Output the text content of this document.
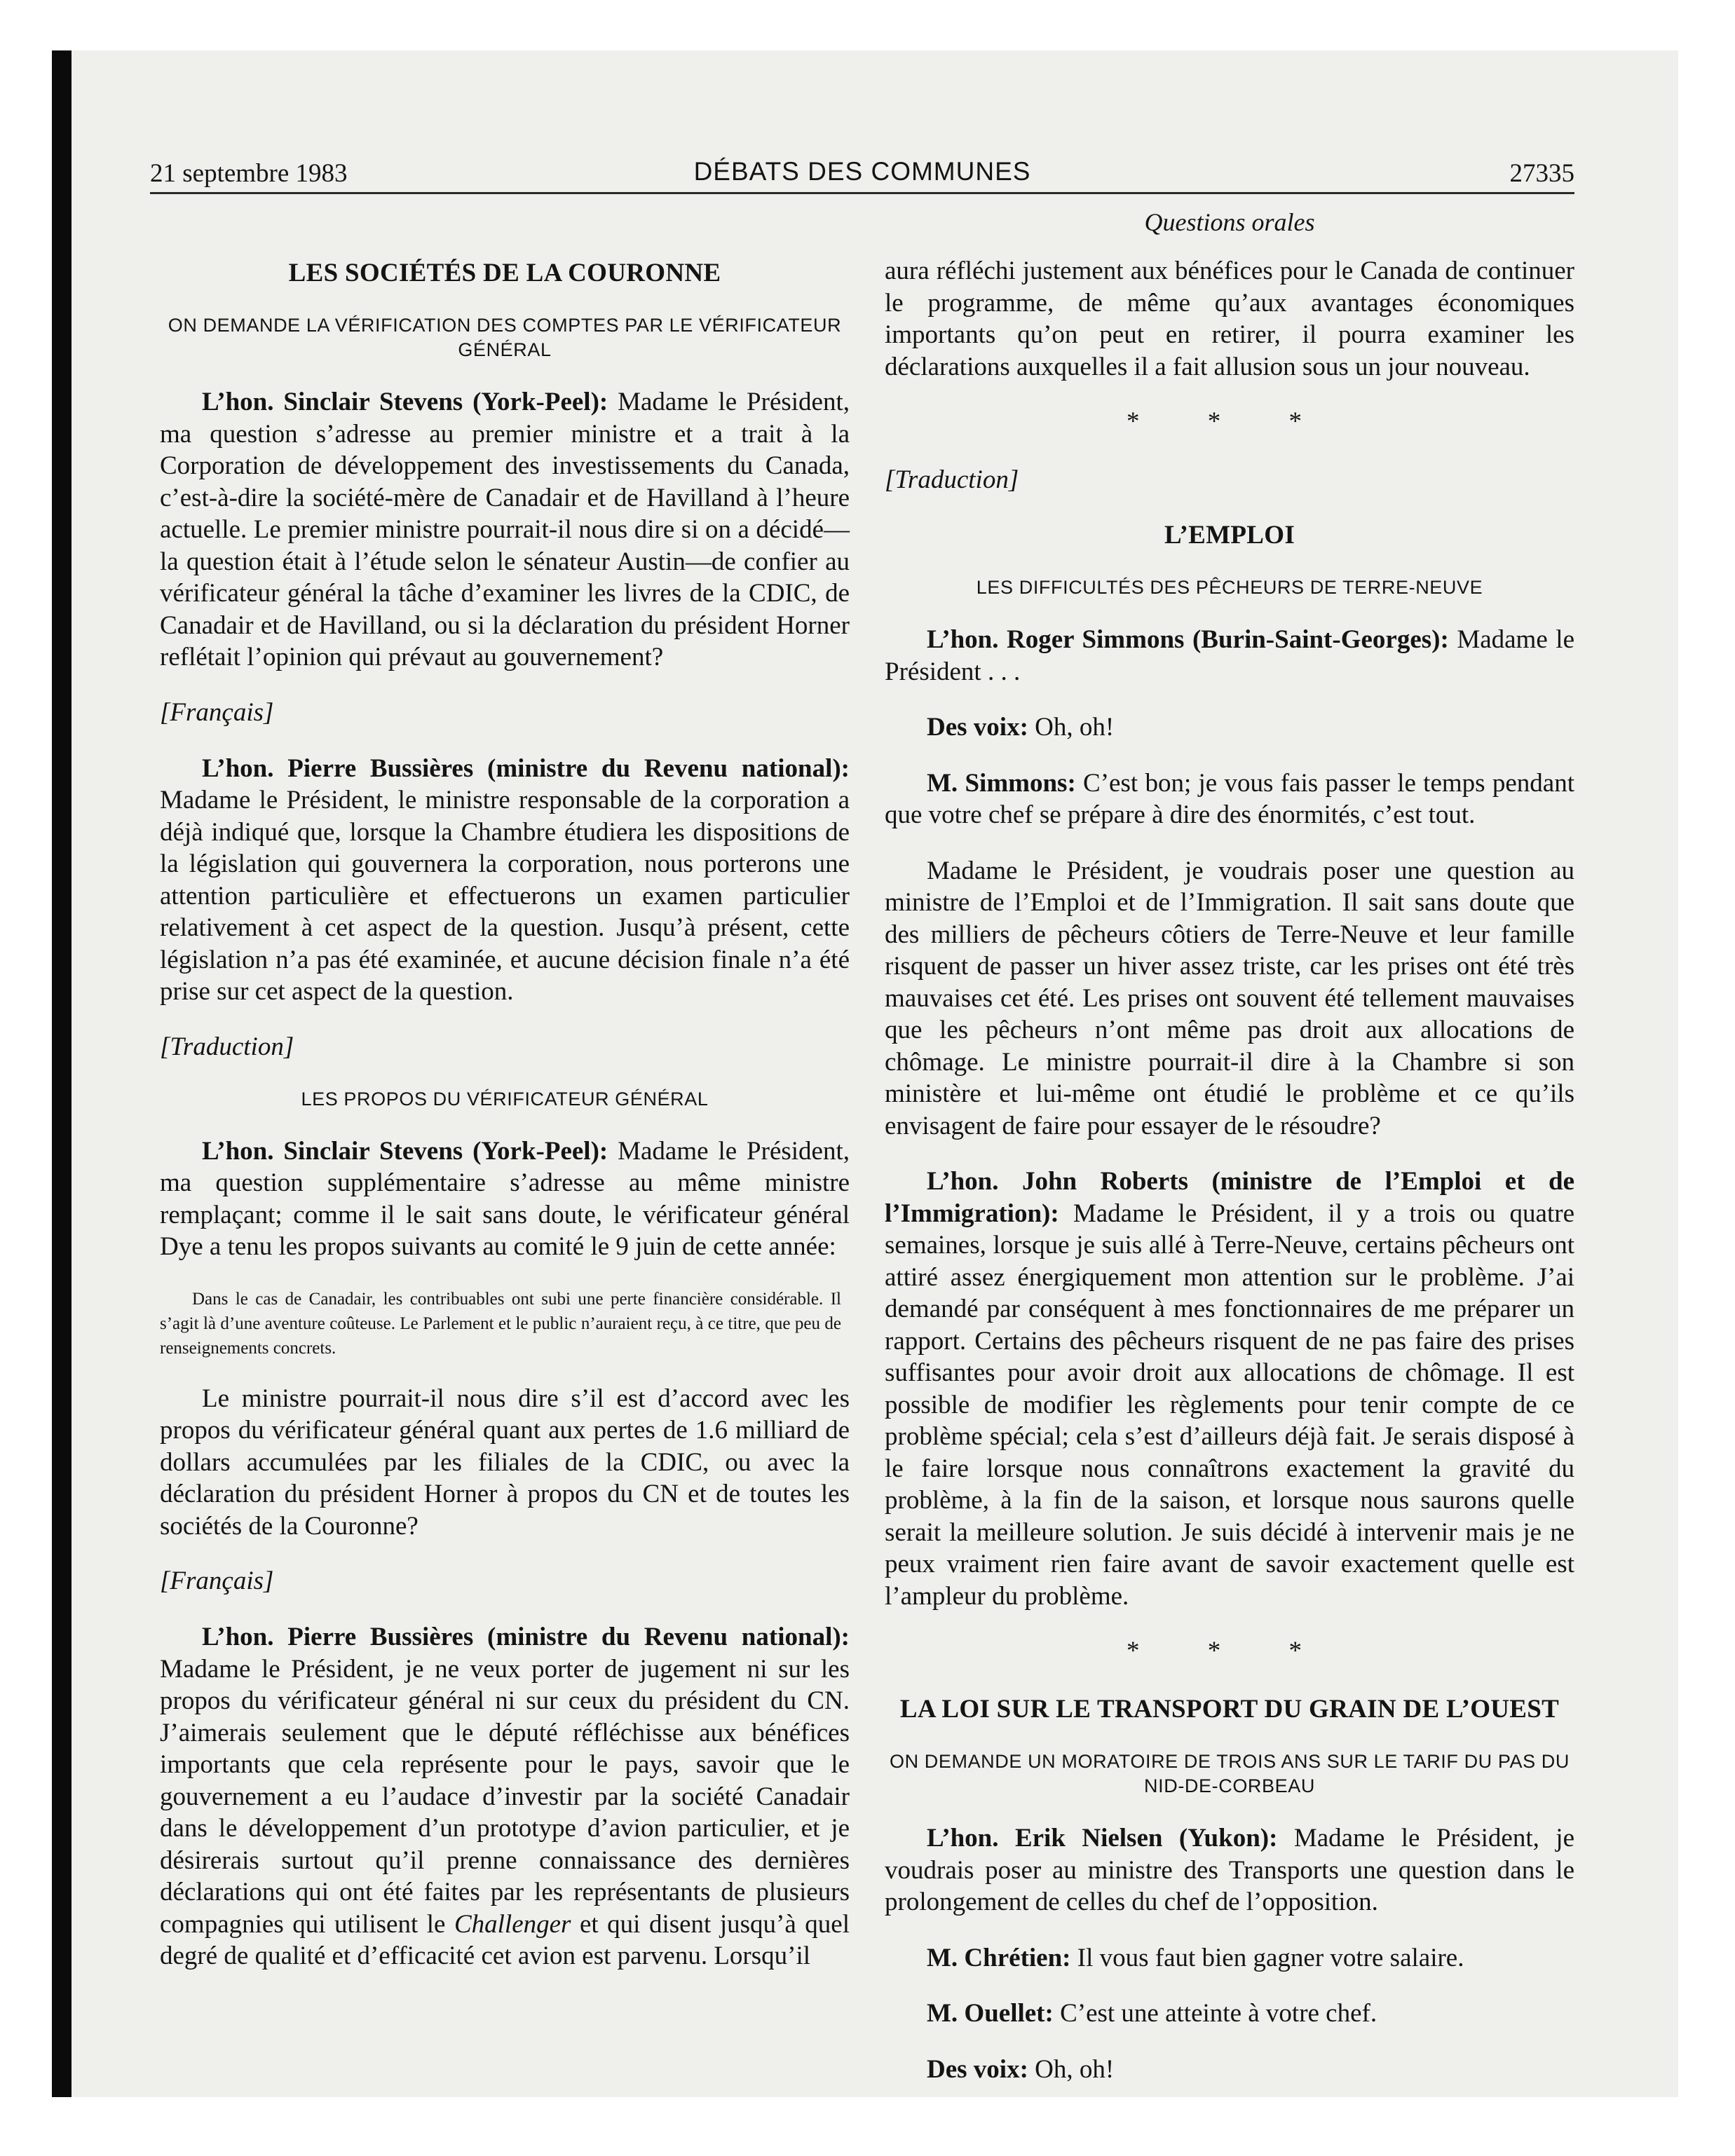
21 septembre 1983	DÉBATS DES COMMUNES	27335
LES SOCIÉTÉS DE LA COURONNE
ON DEMANDE LA VÉRIFICATION DES COMPTES PAR LE VÉRIFICATEUR GÉNÉRAL

L’hon. Sinclair Stevens (York-Peel): Madame le Président, ma question s’adresse au premier ministre et a trait à la Corporation de développement des investissements du Canada, c’est-à-dire la société-mère de Canadair et de Havilland à l’heure actuelle. Le premier ministre pourrait-il nous dire si on a décidé—la question était à l’étude selon le sénateur Austin—de confier au vérificateur général la tâche d’examiner les livres de la CDIC, de Canadair et de Havilland, ou si la déclaration du président Horner reflétait l’opinion qui prévaut au gouvernement?

[Français]

L’hon. Pierre Bussières (ministre du Revenu national): Madame le Président, le ministre responsable de la corporation a déjà indiqué que, lorsque la Chambre étudiera les dispositions de la législation qui gouvernera la corporation, nous porterons une attention particulière et effectuerons un examen particulier relativement à cet aspect de la question. Jusqu’à présent, cette législation n’a pas été examinée, et aucune décision finale n’a été prise sur cet aspect de la question.

[Traduction]
LES PROPOS DU VÉRIFICATEUR GÉNÉRAL

L’hon. Sinclair Stevens (York-Peel): Madame le Président, ma question supplémentaire s’adresse au même ministre remplaçant; comme il le sait sans doute, le vérificateur général Dye a tenu les propos suivants au comité le 9 juin de cette année:

Dans le cas de Canadair, les contribuables ont subi une perte financière considérable. Il s’agit là d’une aventure coûteuse. Le Parlement et le public n’auraient reçu, à ce titre, que peu de renseignements concrets.

Le ministre pourrait-il nous dire s’il est d’accord avec les propos du vérificateur général quant aux pertes de 1.6 milliard de dollars accumulées par les filiales de la CDIC, ou avec la déclaration du président Horner à propos du CN et de toutes les sociétés de la Couronne?

[Français]

L’hon. Pierre Bussières (ministre du Revenu national): Madame le Président, je ne veux porter de jugement ni sur les propos du vérificateur général ni sur ceux du président du CN. J’aimerais seulement que le député réfléchisse aux bénéfices importants que cela représente pour le pays, savoir que le gouvernement a eu l’audace d’investir par la société Canadair dans le développement d’un prototype d’avion particulier, et je désirerais surtout qu’il prenne connaissance des dernières déclarations qui ont été faites par les représentants de plusieurs compagnies qui utilisent le Challenger et qui disent jusqu’à quel degré de qualité et d’efficacité cet avion est parvenu. Lorsqu’il

Questions orales

aura réfléchi justement aux bénéfices pour le Canada de continuer le programme, de même qu’aux avantages économiques importants qu’on peut en retirer, il pourra examiner les déclarations auxquelles il a fait allusion sous un jour nouveau.

* * *
[Traduction]
L’EMPLOI
LES DIFFICULTÉS DES PÊCHEURS DE TERRE-NEUVE

L’hon. Roger Simmons (Burin-Saint-Georges): Madame le Président . . .

Des voix: Oh, oh!

M. Simmons: C’est bon; je vous fais passer le temps pendant que votre chef se prépare à dire des énormités, c’est tout.

Madame le Président, je voudrais poser une question au ministre de l’Emploi et de l’Immigration. Il sait sans doute que des milliers de pêcheurs côtiers de Terre-Neuve et leur famille risquent de passer un hiver assez triste, car les prises ont été très mauvaises cet été. Les prises ont souvent été tellement mauvaises que les pêcheurs n’ont même pas droit aux allocations de chômage. Le ministre pourrait-il dire à la Chambre si son ministère et lui-même ont étudié le problème et ce qu’ils envisagent de faire pour essayer de le résoudre?

L’hon. John Roberts (ministre de l’Emploi et de l’Immigration): Madame le Président, il y a trois ou quatre semaines, lorsque je suis allé à Terre-Neuve, certains pêcheurs ont attiré assez énergiquement mon attention sur le problème. J’ai demandé par conséquent à mes fonctionnaires de me préparer un rapport. Certains des pêcheurs risquent de ne pas faire des prises suffisantes pour avoir droit aux allocations de chômage. Il est possible de modifier les règlements pour tenir compte de ce problème spécial; cela s’est d’ailleurs déjà fait. Je serais disposé à le faire lorsque nous connaîtrons exactement la gravité du problème, à la fin de la saison, et lorsque nous saurons quelle serait la meilleure solution. Je suis décidé à intervenir mais je ne peux vraiment rien faire avant de savoir exactement quelle est l’ampleur du problème.

* * *
LA LOI SUR LE TRANSPORT DU GRAIN DE L’OUEST
ON DEMANDE UN MORATOIRE DE TROIS ANS SUR LE TARIF DU PAS DU NID-DE-CORBEAU

L’hon. Erik Nielsen (Yukon): Madame le Président, je voudrais poser au ministre des Transports une question dans le prolongement de celles du chef de l’opposition.

M. Chrétien: Il vous faut bien gagner votre salaire.

M. Ouellet: C’est une atteinte à votre chef.

Des voix: Oh, oh!
